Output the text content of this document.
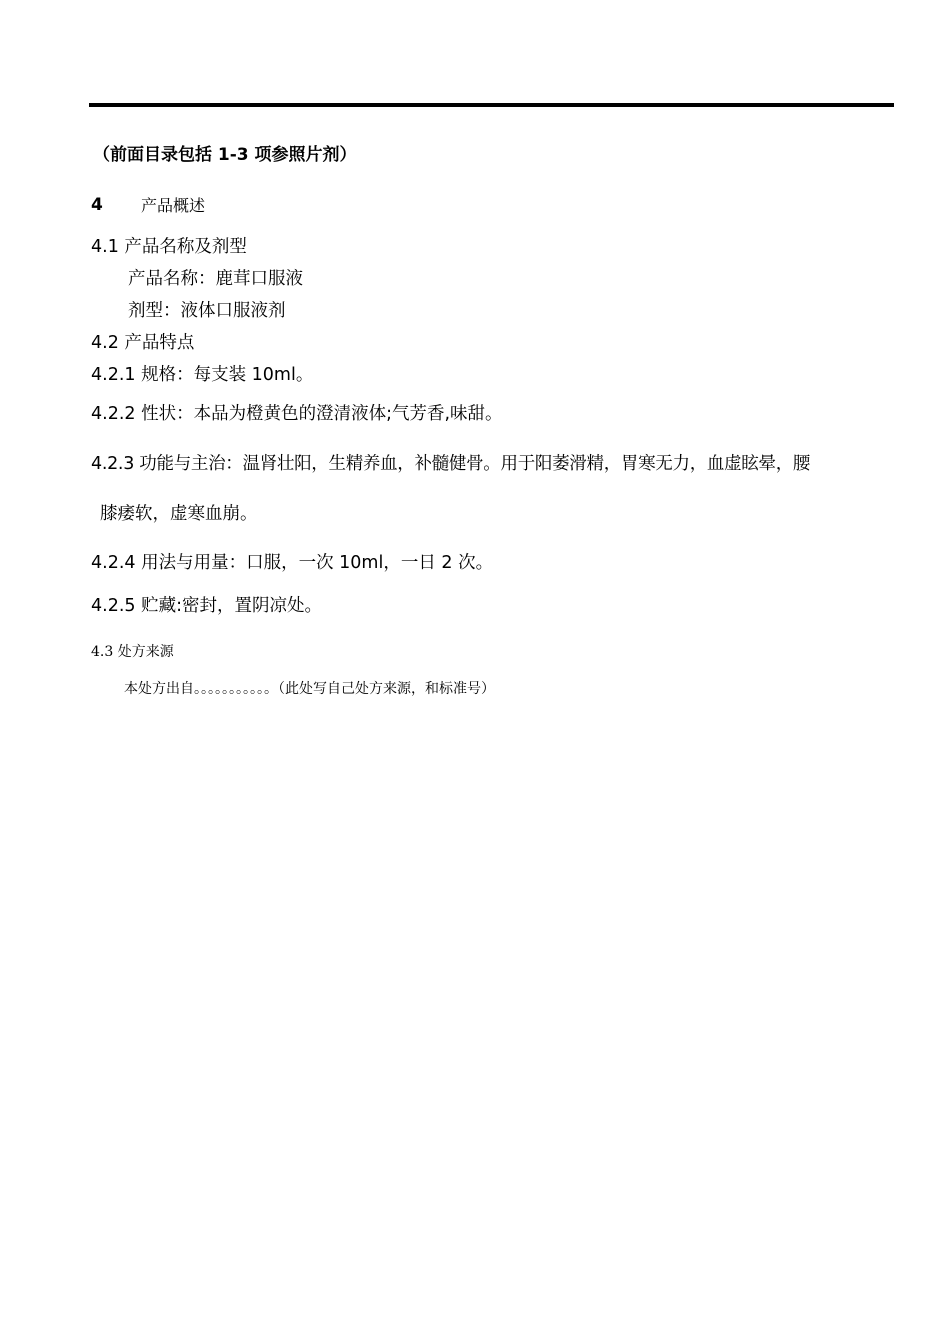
（前面目录包括 1-3 项参照片剂）
4 产品概述
4.1 产品名称及剂型
产品名称：鹿茸口服液
剂型：液体口服液剂
4.2 产品特点
4.2.1 规格：每支装 10ml。
4.2.2 性状：本品为橙黄色的澄清液体;气芳香,味甜。
4.2.3 功能与主治：温肾壮阳，生精养血，补髓健骨。用于阳萎滑精，胃寒无力，血虚眩晕，腰
膝痿软，虚寒血崩。
4.2.4 用法与用量：口服，一次 10ml，一日 2 次。
4.2.5 贮藏:密封，置阴凉处。
4.3 处方来源
本处方出自。。。。。。。。。。。（此处写自己处方来源，和标准号）
